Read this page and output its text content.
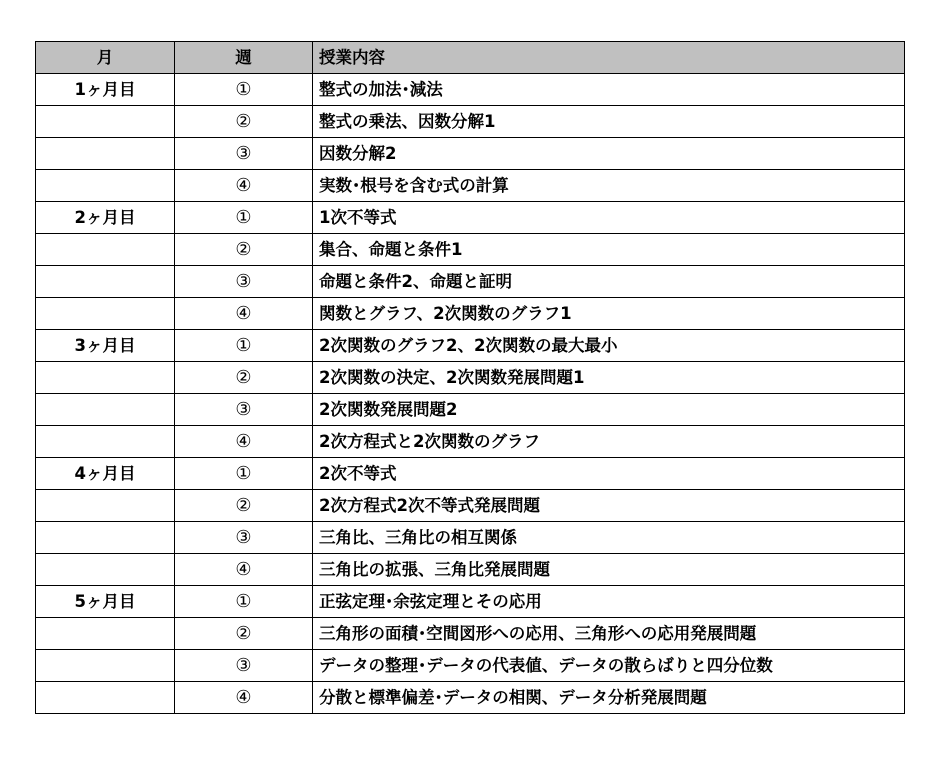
月	週	授業内容
1ヶ月目	①	整式の加法･減法
	②	整式の乗法、因数分解1
	③	因数分解2
	④	実数･根号を含む式の計算
2ヶ月目	①	1次不等式
	②	集合、命題と条件1
	③	命題と条件2、命題と証明
	④	関数とグラフ、2次関数のグラフ1
3ヶ月目	①	2次関数のグラフ2、2次関数の最大最小
	②	2次関数の決定、2次関数発展問題1
	③	2次関数発展問題2
	④	2次方程式と2次関数のグラフ
4ヶ月目	①	2次不等式
	②	2次方程式2次不等式発展問題
	③	三角比、三角比の相互関係
	④	三角比の拡張、三角比発展問題
5ヶ月目	①	正弦定理･余弦定理とその応用
	②	三角形の面積･空間図形への応用、三角形への応用発展問題
	③	データの整理･データの代表値、データの散らばりと四分位数
	④	分散と標準偏差･データの相関、データ分析発展問題
